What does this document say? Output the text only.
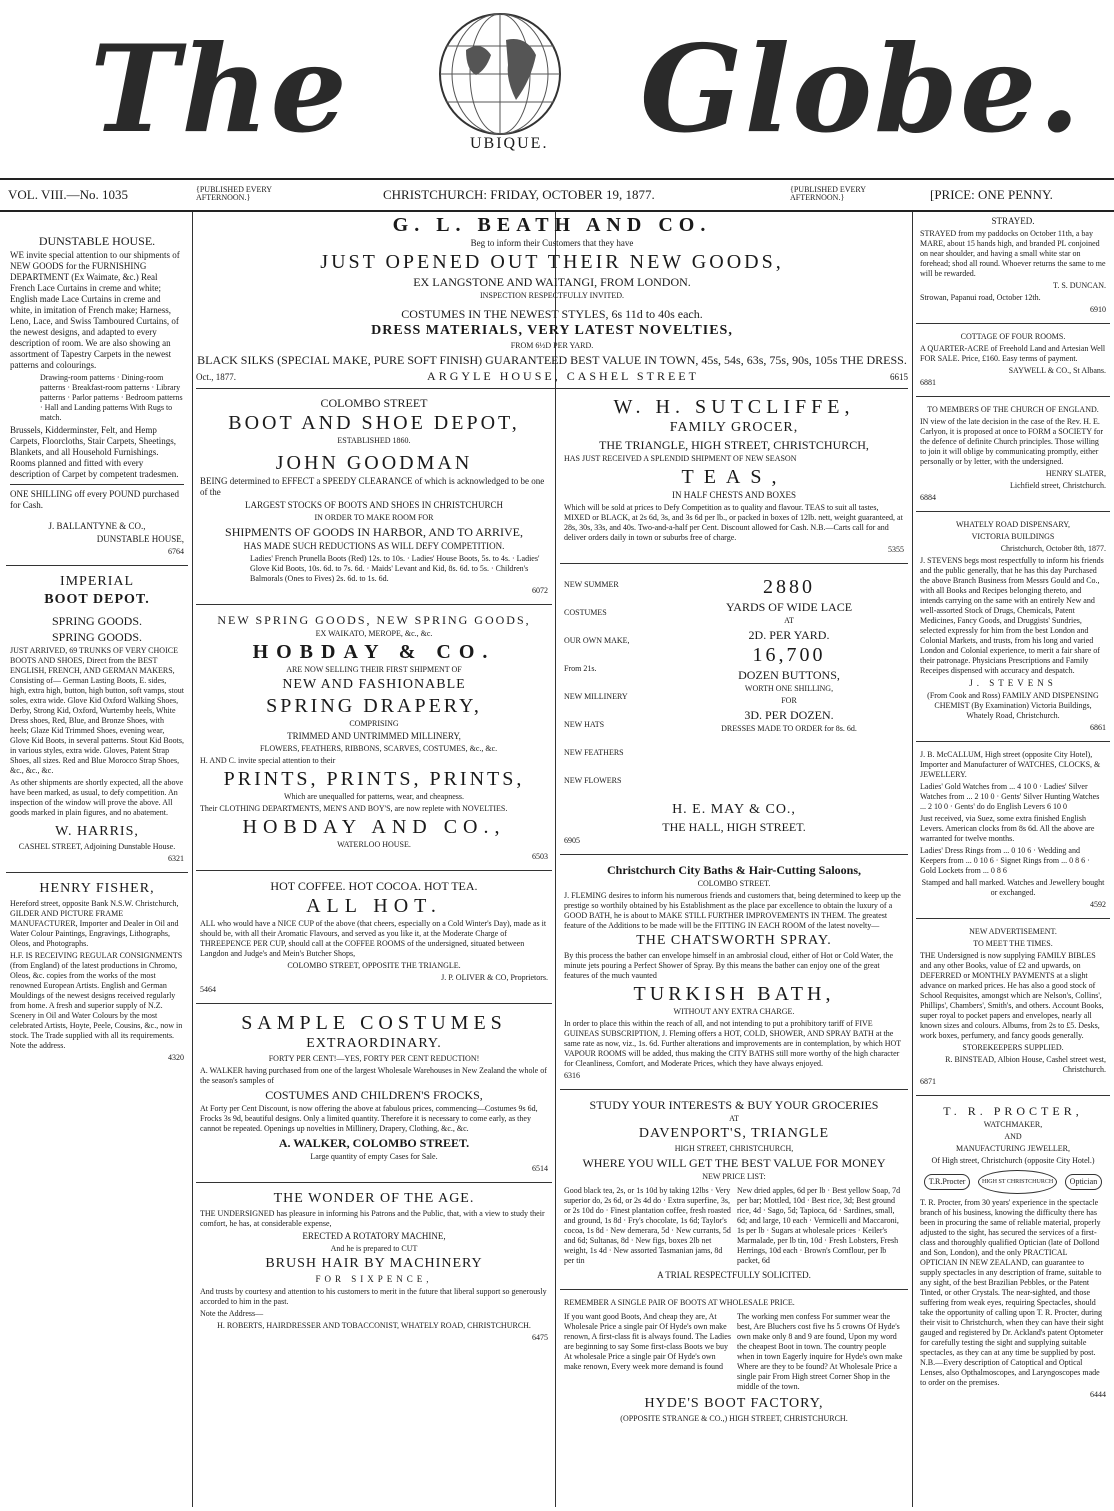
The	UBIQUE. Globe.
VOL. VIII.—No. 1035	{PUBLISHED EVERY AFTERNOON.}	CHRISTCHURCH: FRIDAY, OCTOBER 19, 1877.	{PUBLISHED EVERY AFTERNOON.}	[PRICE: ONE PENNY.

DUNSTABLE HOUSE.

WE invite special attention to our shipments of NEW GOODS for the FURNISHING DEPARTMENT (Ex Waimate, &c.) Real French Lace Curtains in creme and white; English made Lace Curtains in creme and white, in imitation of French make; Harness, Leno, Lace, and Swiss Tamboured Curtains, of the newest designs, and adapted to every description of room. We are also showing an assortment of Tapestry Carpets in the newest patterns and colourings.

Drawing-room patterns · Dining-room patterns · Breakfast-room patterns · Library patterns · Parlor patterns · Bedroom patterns · Hall and Landing patterns With Rugs to match.

Brussels, Kidderminster, Felt, and Hemp Carpets, Floorcloths, Stair Carpets, Sheetings, Blankets, and all Household Furnishings. Rooms planned and fitted with every description of Carpet by competent tradesmen.

ONE SHILLING off every POUND purchased for Cash.

J. BALLANTYNE & CO.,

DUNSTABLE HOUSE,

6764

IMPERIAL

BOOT DEPOT.

SPRING GOODS.

SPRING GOODS.

JUST ARRIVED, 69 TRUNKS OF VERY CHOICE BOOTS AND SHOES, Direct from the BEST ENGLISH, FRENCH, AND GERMAN MAKERS, Consisting of— German Lasting Boots, E. sides, high, extra high, button, high button, soft vamps, stout soles, extra wide. Glove Kid Oxford Walking Shoes, Derby, Strong Kid, Oxford, Wurtemby heels, White Dress shoes, Red, Blue, and Bronze Shoes, with heels; Glaze Kid Trimmed Shoes, evening wear, Glove Kid Boots, in several patterns. Stout Kid Boots, in various styles, extra wide. Gloves, Patent Strap Shoes, all sizes. Red and Blue Morocco Strap Shoes, &c., &c., &c.

As other shipments are shortly expected, all the above have been marked, as usual, to defy competition. An inspection of the window will prove the above. All goods marked in plain figures, and no abatement.

W. HARRIS,

CASHEL STREET, Adjoining Dunstable House.

6321

HENRY FISHER,

Hereford street, opposite Bank N.S.W. Christchurch, GILDER AND PICTURE FRAME MANUFACTURER, Importer and Dealer in Oil and Water Colour Paintings, Engravings, Lithographs, Oleos, and Photographs.

H.F. IS RECEIVING REGULAR CONSIGNMENTS (from England) of the latest productions in Chromo, Oleos, &c. copies from the works of the most renowned European Artists. English and German Mouldings of the newest designs received regularly from home. A fresh and superior supply of N.Z. Scenery in Oil and Water Colours by the most celebrated Artists, Hoyte, Peele, Cousins, &c., now in stock. The Trade supplied with all its requirements. Note the address.

4320

G. L. BEATH AND CO.

Beg to inform their Customers that they have

JUST OPENED OUT THEIR NEW GOODS,

EX LANGSTONE AND WAITANGI, FROM LONDON.

INSPECTION RESPECTFULLY INVITED.

COSTUMES IN THE NEWEST STYLES, 6s 11d to 40s each.

DRESS MATERIALS, VERY LATEST NOVELTIES,

FROM 6½D PER YARD.

BLACK SILKS (SPECIAL MAKE, PURE SOFT FINISH) GUARANTEED BEST VALUE IN TOWN, 45s, 54s, 63s, 75s, 90s, 105s THE DRESS.

Oct., 1877.	ARGYLE HOUSE, CASHEL STREET	6615

COLOMBO STREET

BOOT AND SHOE DEPOT,

ESTABLISHED 1860.

JOHN GOODMAN

BEING determined to EFFECT a SPEEDY CLEARANCE of which is acknowledged to be one of the

LARGEST STOCKS OF BOOTS AND SHOES IN CHRISTCHURCH

IN ORDER TO MAKE ROOM FOR

SHIPMENTS OF GOODS IN HARBOR, AND TO ARRIVE,

HAS MADE SUCH REDUCTIONS AS WILL DEFY COMPETITION.

Ladies' French Prunella Boots (Red) 12s. to 10s. · Ladies' House Boots, 5s. to 4s. · Ladies' Glove Kid Boots, 10s. 6d. to 7s. 6d. · Maids' Levant and Kid, 8s. 6d. to 5s. · Children's Balmorals (Ones to Fives) 2s. 6d. to 1s. 6d.

6072

NEW SPRING GOODS, NEW SPRING GOODS,

EX WAIKATO, MEROPE, &c., &c.

HOBDAY & CO.

ARE NOW SELLING THEIR FIRST SHIPMENT OF

NEW AND FASHIONABLE

SPRING DRAPERY,

COMPRISING

TRIMMED AND UNTRIMMED MILLINERY,

FLOWERS, FEATHERS, RIBBONS, SCARVES, COSTUMES, &c., &c.

H. AND C. invite special attention to their

PRINTS, PRINTS, PRINTS,

Which are unequalled for patterns, wear, and cheapness.

Their CLOTHING DEPARTMENTS, MEN'S AND BOY'S, are now replete with NOVELTIES.

HOBDAY AND CO.,

WATERLOO HOUSE.

6503

HOT COFFEE. HOT COCOA. HOT TEA.

ALL HOT.

ALL who would have a NICE CUP of the above (that cheers, especially on a Cold Winter's Day), made as it should be, with all their Aromatic Flavours, and served as you like it, at the Moderate Charge of THREEPENCE PER CUP, should call at the COFFEE ROOMS of the undersigned, situated between Langdon and Judge's and Mein's Butcher Shops,

COLOMBO STREET, OPPOSITE THE TRIANGLE.

J. P. OLIVER & CO, Proprietors.

5464

SAMPLE COSTUMES

EXTRAORDINARY.

FORTY PER CENT!—YES, FORTY PER CENT REDUCTION!

A. WALKER having purchased from one of the largest Wholesale Warehouses in New Zealand the whole of the season's samples of

COSTUMES AND CHILDREN'S FROCKS,

At Forty per Cent Discount, is now offering the above at fabulous prices, commencing—Costumes 9s 6d, Frocks 3s 9d, beautiful designs. Only a limited quantity. Therefore it is necessary to come early, as they cannot be repeated. Openings up novelties in Millinery, Drapery, Clothing, &c., &c.

A. WALKER, COLOMBO STREET.

Large quantity of empty Cases for Sale.

6514

THE WONDER OF THE AGE.

THE UNDERSIGNED has pleasure in informing his Patrons and the Public, that, with a view to study their comfort, he has, at considerable expense,

ERECTED A ROTATORY MACHINE,

And he is prepared to CUT

BRUSH HAIR BY MACHINERY

FOR SIXPENCE,

And trusts by courtesy and attention to his customers to merit in the future that liberal support so generously accorded to him in the past.

Note the Address—

H. ROBERTS, HAIRDRESSER AND TOBACCONIST, WHATELY ROAD, CHRISTCHURCH.

6475

W. H. SUTCLIFFE,

FAMILY GROCER,

THE TRIANGLE, HIGH STREET, CHRISTCHURCH,

HAS JUST RECEIVED A SPLENDID SHIPMENT OF NEW SEASON

TEAS,

IN HALF CHESTS AND BOXES

Which will be sold at prices to Defy Competition as to quality and flavour. TEAS to suit all tastes, MIXED or BLACK, at 2s 6d, 3s, and 3s 6d per lb., or packed in boxes of 12lb. nett, weight guaranteed, at 28s, 30s, 33s, and 40s. Two-and-a-half per Cent. Discount allowed for Cash. N.B.—Carts call for and deliver orders daily in town or suburbs free of charge.

5355

NEW SUMMER

COSTUMES

OUR OWN MAKE,

From 21s.

NEW MILLINERY

NEW HATS

NEW FEATHERS

NEW FLOWERS

2880

YARDS OF WIDE LACE

AT

2D. PER YARD.

16,700

DOZEN BUTTONS,

WORTH ONE SHILLING,

FOR

3D. PER DOZEN.

DRESSES MADE TO ORDER for 8s. 6d.

H. E. MAY & CO.,

THE HALL, HIGH STREET.

6905

Christchurch City Baths & Hair-Cutting Saloons,

COLOMBO STREET.

J. FLEMING desires to inform his numerous friends and customers that, being determined to keep up the prestige so worthily obtained by his Establishment as the place par excellence to obtain the luxury of a GOOD BATH, he is about to MAKE STILL FURTHER IMPROVEMENTS IN THEM. The greatest feature of the Additions to be made will be the FITTING IN EACH ROOM of the latest novelty—

THE CHATSWORTH SPRAY.

By this process the bather can envelope himself in an ambrosial cloud, either of Hot or Cold Water, the minute jets pouring a Perfect Shower of Spray. By this means the bather can enjoy one of the great features of the much vaunted

TURKISH BATH,

WITHOUT ANY EXTRA CHARGE.

In order to place this within the reach of all, and not intending to put a prohibitory tariff of FIVE GUINEAS SUBSCRIPTION, J. Fleming offers a HOT, COLD, SHOWER, AND SPRAY BATH at the same rate as now, viz., 1s. 6d. Further alterations and improvements are in contemplation, by which HOT VAPOUR ROOMS will be added, thus making the CITY BATHS still more worthy of the high character for Cleanliness, Comfort, and Moderate Prices, which they have always enjoyed.

6316

STUDY YOUR INTERESTS & BUY YOUR GROCERIES

AT

DAVENPORT'S, TRIANGLE

HIGH STREET, CHRISTCHURCH,

WHERE YOU WILL GET THE BEST VALUE FOR MONEY

NEW PRICE LIST:

Good black tea, 2s, or 1s 10d by taking 12lbs · Very superior do, 2s 6d, or 2s 4d do · Extra superfine, 3s, or 2s 10d do · Finest plantation coffee, fresh roasted and ground, 1s 8d · Fry's chocolate, 1s 6d; Taylor's cocoa, 1s 8d · New demerara, 5d · New currants, 5d and 6d; Sultanas, 8d · New figs, boxes 2lb net weight, 1s 4d · New assorted Tasmanian jams, 8d per tin

New dried apples, 6d per lb · Best yellow Soap, 7d per bar; Mottled, 10d · Best rice, 3d; Best ground rice, 4d · Sago, 5d; Tapioca, 6d · Sardines, small, 6d; and large, 10 each · Vermicelli and Maccaroni, 1s per lb · Sugars at wholesale prices · Keiler's Marmalade, per lb tin, 10d · Fresh Lobsters, Fresh Herrings, 10d each · Brown's Cornflour, per lb packet, 6d

A TRIAL RESPECTFULLY SOLICITED.

REMEMBER A SINGLE PAIR OF BOOTS AT WHOLESALE PRICE.

If you want good Boots, And cheap they are, At Wholesale Price a single pair Of Hyde's own make renown, A first-class fit is always found. The Ladies are beginning to say Some first-class Boots we buy At wholesale Price a single pair Of Hyde's own make renown, Every week more demand is found

The working men confess For summer wear the best, Are Bluchers cost five hs 5 crowns Of Hyde's own make only 8 and 9 are found, Upon my word the cheapest Boot in town. The country people when in town Eagerly inquire for Hyde's own make Where are they to be found? At Wholesale Price a single pair From High street Corner Shop in the middle of the town.

HYDE'S BOOT FACTORY,

(OPPOSITE STRANGE & CO.,) HIGH STREET, CHRISTCHURCH.

STRAYED.

STRAYED from my paddocks on October 11th, a bay MARE, about 15 hands high, and branded PL conjoined on near shoulder, and having a small white star on forehead; shod all round. Whoever returns the same to me will be rewarded.

T. S. DUNCAN.

Strowan, Papanui road, October 12th.

6910

COTTAGE OF FOUR ROOMS.

A QUARTER-ACRE of Freehold Land and Artesian Well FOR SALE. Price, £160. Easy terms of payment.

SAYWELL & CO., St Albans.

6881

TO MEMBERS OF THE CHURCH OF ENGLAND.

IN view of the late decision in the case of the Rev. H. E. Carlyon, it is proposed at once to FORM a SOCIETY for the defence of definite Church principles. Those willing to join it will oblige by communicating promptly, either personally or by letter, with the undersigned.

HENRY SLATER,

Lichfield street, Christchurch.

6884

WHATELY ROAD DISPENSARY,

VICTORIA BUILDINGS

Christchurch, October 8th, 1877.

J. STEVENS begs most respectfully to inform his friends and the public generally, that he has this day Purchased the above Branch Business from Messrs Gould and Co., with all Books and Recipes belonging thereto, and intends carrying on the same with an entirely New and well-assorted Stock of Drugs, Chemicals, Patent Medicines, Fancy Goods, and Druggists' Sundries, selected expressly for him from the best London and Colonial Markets, and trusts, from his long and varied London and Colonial experience, to merit a fair share of their patronage. Physicians Prescriptions and Family Receipes dispensed with accuracy and despatch.

J. STEVENS

(From Cook and Ross) FAMILY AND DISPENSING CHEMIST (By Examination) Victoria Buildings, Whately Road, Christchurch.

6861

J. B. McCALLUM, High street (opposite City Hotel), Importer and Manufacturer of WATCHES, CLOCKS, & JEWELLERY.

Ladies' Gold Watches from ... 4 10 0 · Ladies' Silver Watches from ... 2 10 0 · Gents' Silver Hunting Watches ... 2 10 0 · Gents' do do English Levers 6 10 0

Just received, via Suez, some extra finished English Levers. American clocks from 8s 6d. All the above are warranted for twelve months.

Ladies' Dress Rings from ... 0 10 6 · Wedding and Keepers from ... 0 10 6 · Signet Rings from ... 0 8 6 · Gold Lockets from ... 0 8 6

Stamped and hall marked. Watches and Jewellery bought or exchanged.

4592

NEW ADVERTISEMENT.

TO MEET THE TIMES.

THE Undersigned is now supplying FAMILY BIBLES and any other Books, value of £2 and upwards, on DEFERRED or MONTHLY PAYMENTS at a slight advance on marked prices. He has also a good stock of School Requisites, amongst which are Nelson's, Collins', Phillips', Chambers', Smith's, and others. Account Books, super royal to pocket papers and envelopes, nearly all known sizes and colours. Albums, from 2s to £5. Desks, work boxes, perfumery, and fancy goods generally.

STOREKEEPERS SUPPLIED.

R. BINSTEAD, Albion House, Cashel street west, Christchurch.

6871

T. R. PROCTER,

WATCHMAKER,

AND

MANUFACTURING JEWELLER,

Of High street, Christchurch (opposite City Hotel.)

T.R.Procter	HIGH ST CHRISTCHURCH	Optician

T. R. Procter, from 30 years' experience in the spectacle branch of his business, knowing the difficulty there has been in procuring the same of reliable material, properly adjusted to the sight, has secured the services of a first-class and thoroughly qualified Optician (late of Dollond and Son, London), and the only PRACTICAL OPTICIAN IN NEW ZEALAND, can guarantee to supply spectacles in any description of frame, suitable to any sight, of the best Brazilian Pebbles, or the Patent Tinted, or other Crystals. The near-sighted, and those suffering from weak eyes, requiring Spectacles, should take the opportunity of calling upon T. R. Procter, during their visit to Christchurch, when they can have their sight gauged and registered by Dr. Ackland's patent Optometer for carefully testing the sight and supplying suitable spectacles, as they can at any time be supplied by post. N.B.—Every description of Catoptical and Optical Lenses, also Opthalmoscopes, and Laryngoscopes made to order on the premises.

6444
